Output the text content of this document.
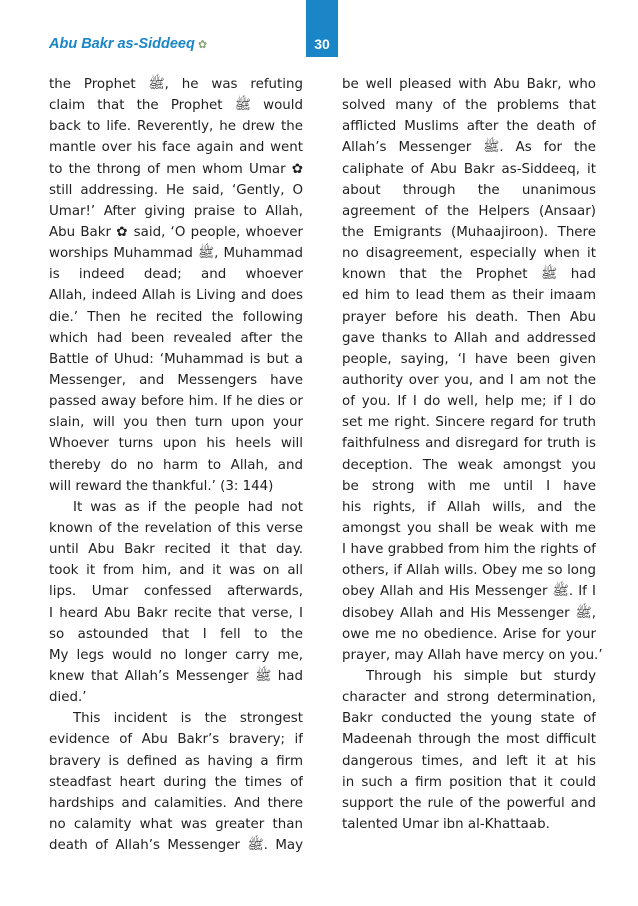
Abu Bakr as-Siddeeq ✿	30
the Prophet ﷺ, he was refuting
claim that the Prophet ﷺ would
back to life. Reverently, he drew the
mantle over his face again and went
to the throng of men whom Umar ✿
still addressing. He said, ‘Gently, O
Umar!’ After giving praise to Allah,
Abu Bakr ✿ said, ‘O people, whoever
worships Muhammad ﷺ, Muhammad
is indeed dead; and whoever
Allah, indeed Allah is Living and does
die.’ Then he recited the following
which had been revealed after the
Battle of Uhud: ‘Muhammad is but a
Messenger, and Messengers have
passed away before him. If he dies or
slain, will you then turn upon your
Whoever turns upon his heels will
thereby do no harm to Allah, and
will reward the thankful.’ (3: 144)
It was as if the people had not
known of the revelation of this verse
until Abu Bakr recited it that day.
took it from him, and it was on all
lips. Umar confessed afterwards,
I heard Abu Bakr recite that verse, I
so astounded that I fell to the
My legs would no longer carry me,
knew that Allah’s Messenger ﷺ had
died.’
This incident is the strongest
evidence of Abu Bakr’s bravery; if
bravery is defined as having a firm
steadfast heart during the times of
hardships and calamities. And there
no calamity what was greater than
death of Allah’s Messenger ﷺ. May
be well pleased with Abu Bakr, who
solved many of the problems that
afflicted Muslims after the death of
Allah’s Messenger ﷺ. As for the
caliphate of Abu Bakr as-Siddeeq, it
about through the unanimous
agreement of the Helpers (Ansaar)
the Emigrants (Muhaajiroon). There
no disagreement, especially when it
known that the Prophet ﷺ had
ed him to lead them as their imaam
prayer before his death. Then Abu
gave thanks to Allah and addressed
people, saying, ‘I have been given
authority over you, and I am not the
of you. If I do well, help me; if I do
set me right. Sincere regard for truth
faithfulness and disregard for truth is
deception. The weak amongst you
be strong with me until I have
his rights, if Allah wills, and the
amongst you shall be weak with me
I have grabbed from him the rights of
others, if Allah wills. Obey me so long
obey Allah and His Messenger ﷺ. If I
disobey Allah and His Messenger ﷺ,
owe me no obedience. Arise for your
prayer, may Allah have mercy on you.’
Through his simple but sturdy
character and strong determination,
Bakr conducted the young state of
Madeenah through the most difficult
dangerous times, and left it at his
in such a firm position that it could
support the rule of the powerful and
talented Umar ibn al-Khattaab.
